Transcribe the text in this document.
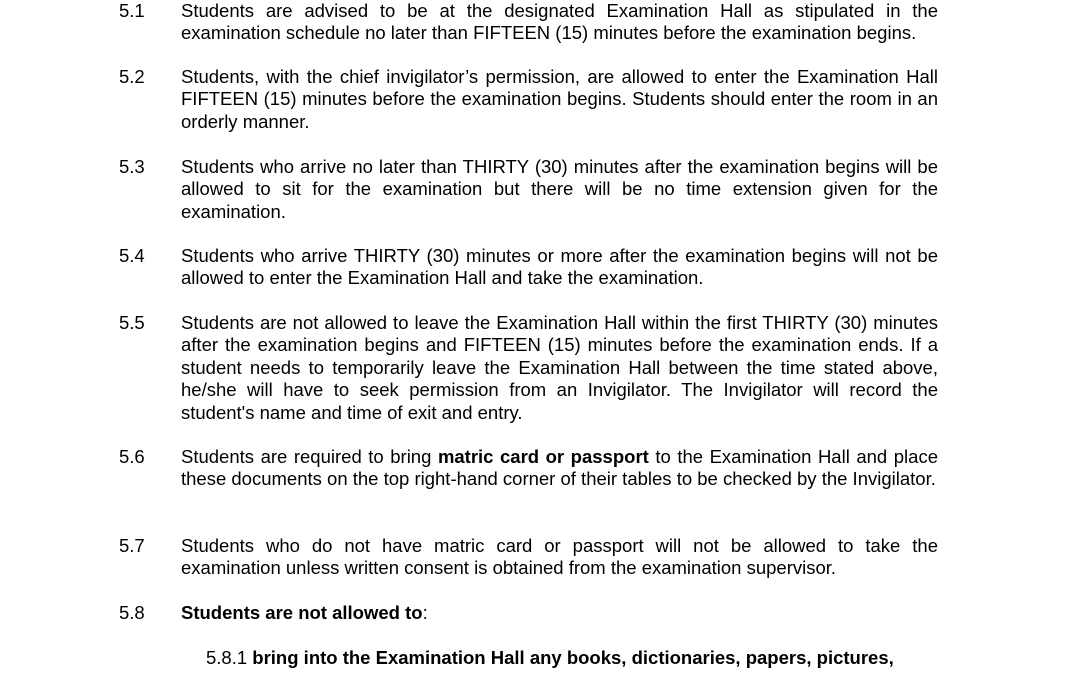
5.1 Students are advised to be at the designated Examination Hall as stipulated in the examination schedule no later than FIFTEEN (15) minutes before the examination begins.
5.2 Students, with the chief invigilator’s permission, are allowed to enter the Examination Hall FIFTEEN (15) minutes before the examination begins. Students should enter the room in an orderly manner.
5.3 Students who arrive no later than THIRTY (30) minutes after the examination begins will be allowed to sit for the examination but there will be no time extension given for the examination.
5.4 Students who arrive THIRTY (30) minutes or more after the examination begins will not be allowed to enter the Examination Hall and take the examination.
5.5 Students are not allowed to leave the Examination Hall within the first THIRTY (30) minutes after the examination begins and FIFTEEN (15) minutes before the examination ends. If a student needs to temporarily leave the Examination Hall between the time stated above, he/she will have to seek permission from an Invigilator. The Invigilator will record the student's name and time of exit and entry.
5.6 Students are required to bring matric card or passport to the Examination Hall and place these documents on the top right-hand corner of their tables to be checked by the Invigilator.
5.7 Students who do not have matric card or passport will not be allowed to take the examination unless written consent is obtained from the examination supervisor.
5.8 Students are not allowed to:
5.8.1 bring into the Examination Hall any books, dictionaries, papers, pictures,
